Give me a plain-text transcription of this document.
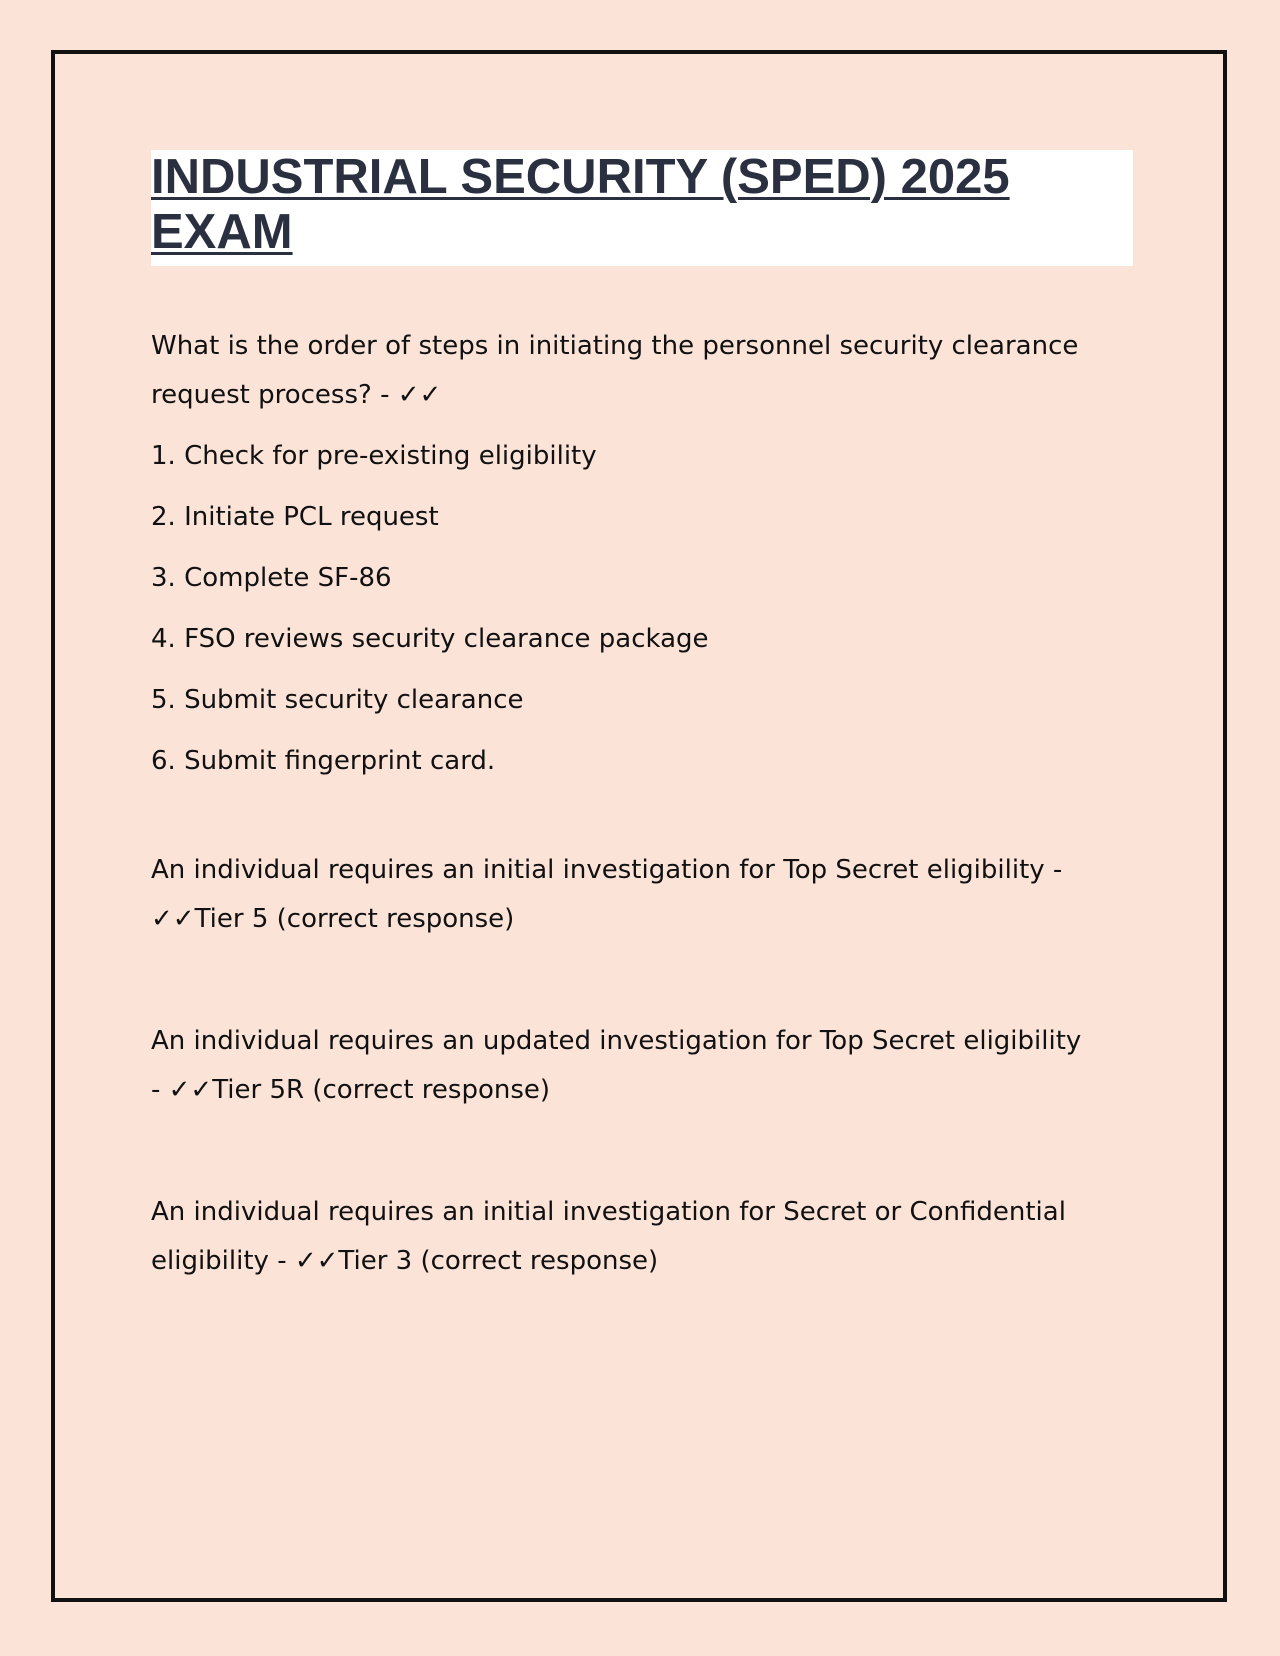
INDUSTRIAL SECURITY (SPED) 2025
EXAM
What is the order of steps in initiating the personnel security clearance
request process? - ✓✓
1. Check for pre-existing eligibility
2. Initiate PCL request
3. Complete SF-86
4. FSO reviews security clearance package
5. Submit security clearance
6. Submit fingerprint card.
An individual requires an initial investigation for Top Secret eligibility -
✓✓Tier 5 (correct response)
An individual requires an updated investigation for Top Secret eligibility
- ✓✓Tier 5R (correct response)
An individual requires an initial investigation for Secret or Confidential
eligibility - ✓✓Tier 3 (correct response)
